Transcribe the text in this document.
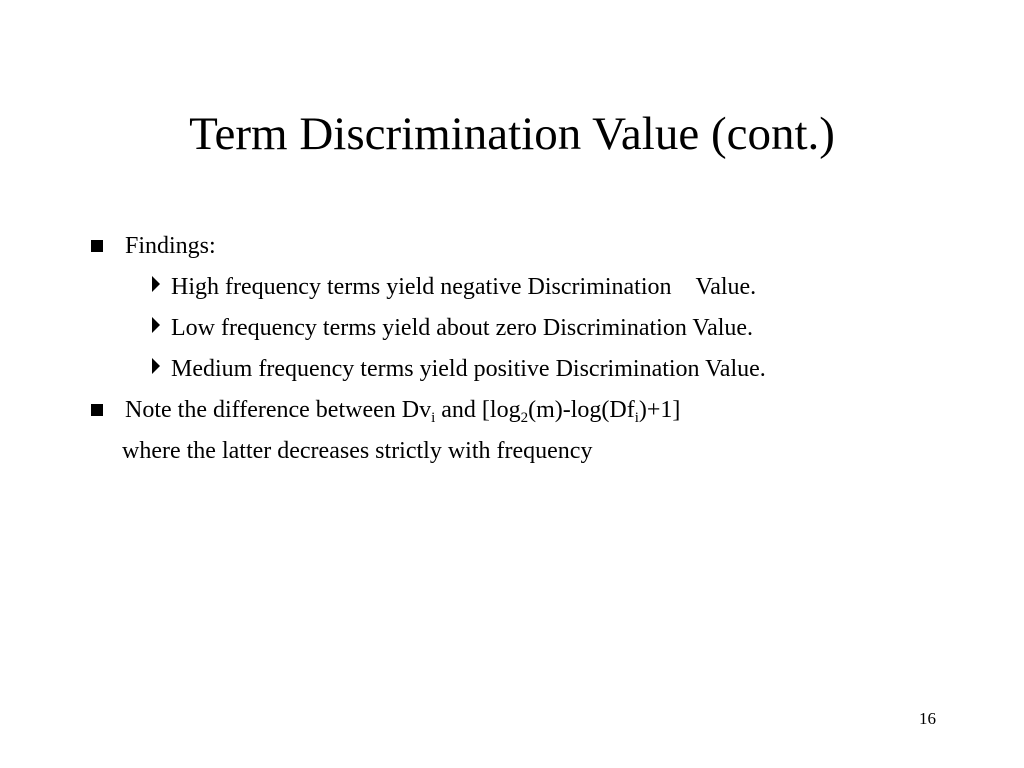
Term Discrimination Value (cont.)
Findings:
High frequency terms yield negative Discrimination    Value.
Low frequency terms yield about zero Discrimination Value.
Medium frequency terms yield positive Discrimination Value.
Note the difference between $Dv_i$ and $[\log_2(m)-\log(Df_i)+1]$
where the latter decreases strictly with frequency
16
